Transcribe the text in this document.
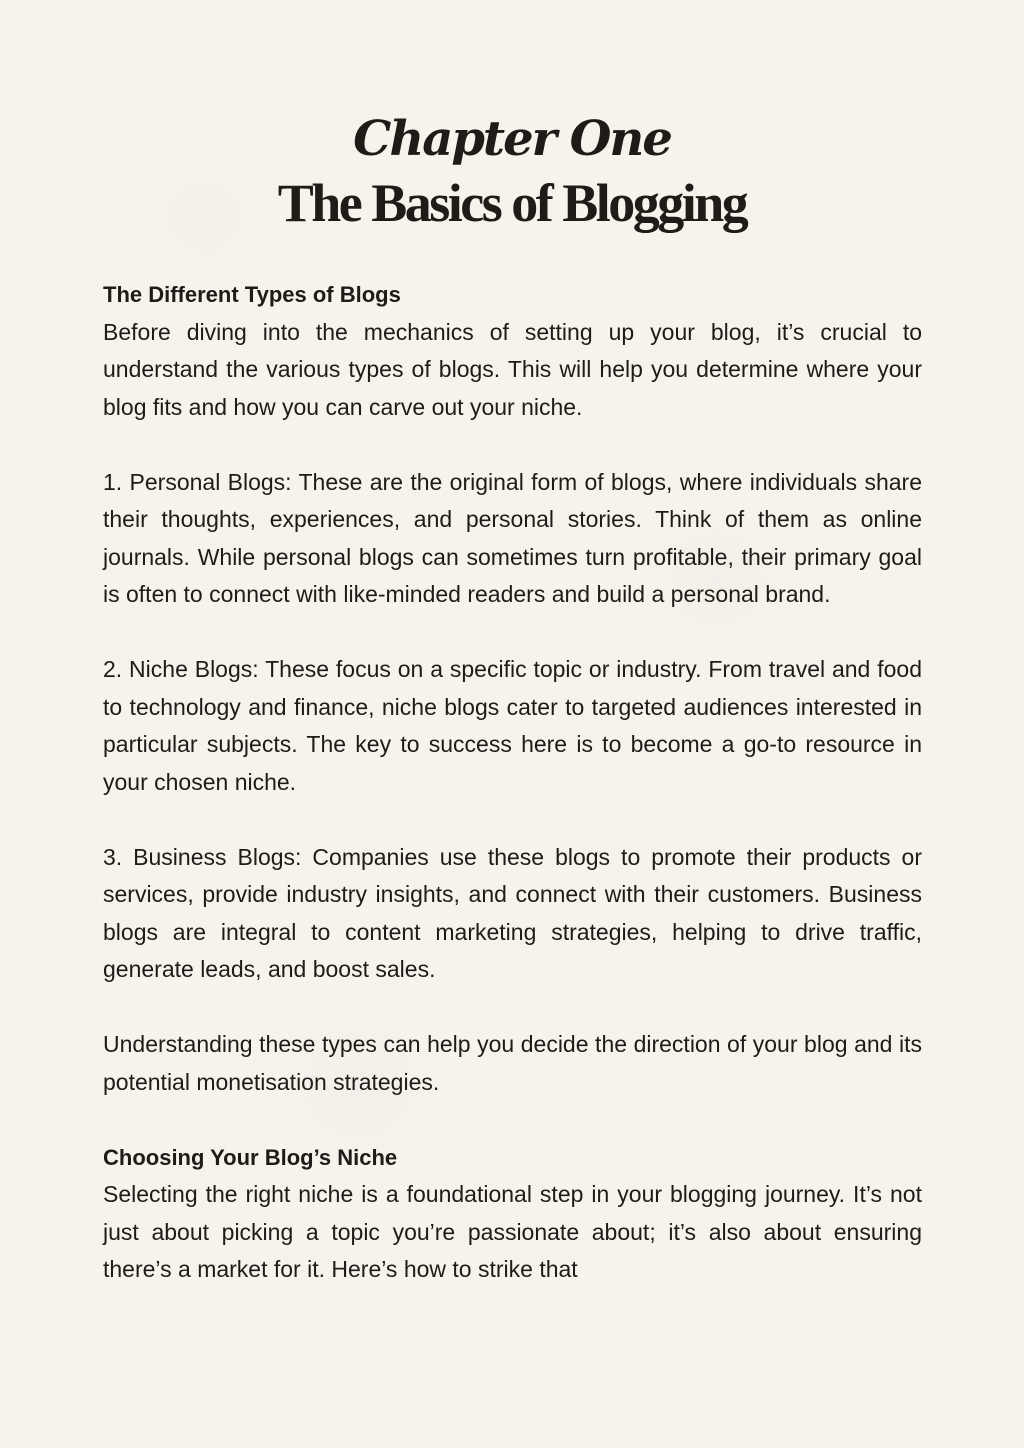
Chapter One
The Basics of Blogging
The Different Types of Blogs

Before diving into the mechanics of setting up your blog, it’s crucial to understand the various types of blogs. This will help you determine where your blog fits and how you can carve out your niche.

1. Personal Blogs: These are the original form of blogs, where individuals share their thoughts, experiences, and personal stories. Think of them as online journals. While personal blogs can sometimes turn profitable, their primary goal is often to connect with like-minded readers and build a personal brand.

2. Niche Blogs: These focus on a specific topic or industry. From travel and food to technology and finance, niche blogs cater to targeted audiences interested in particular subjects. The key to success here is to become a go-to resource in your chosen niche.

3. Business Blogs: Companies use these blogs to promote their products or services, provide industry insights, and connect with their customers. Business blogs are integral to content marketing strategies, helping to drive traffic, generate leads, and boost sales.

Understanding these types can help you decide the direction of your blog and its potential monetisation strategies.

Choosing Your Blog’s Niche

Selecting the right niche is a foundational step in your blogging journey. It’s not just about picking a topic you’re passionate about; it’s also about ensuring there’s a market for it. Here’s how to strike that
